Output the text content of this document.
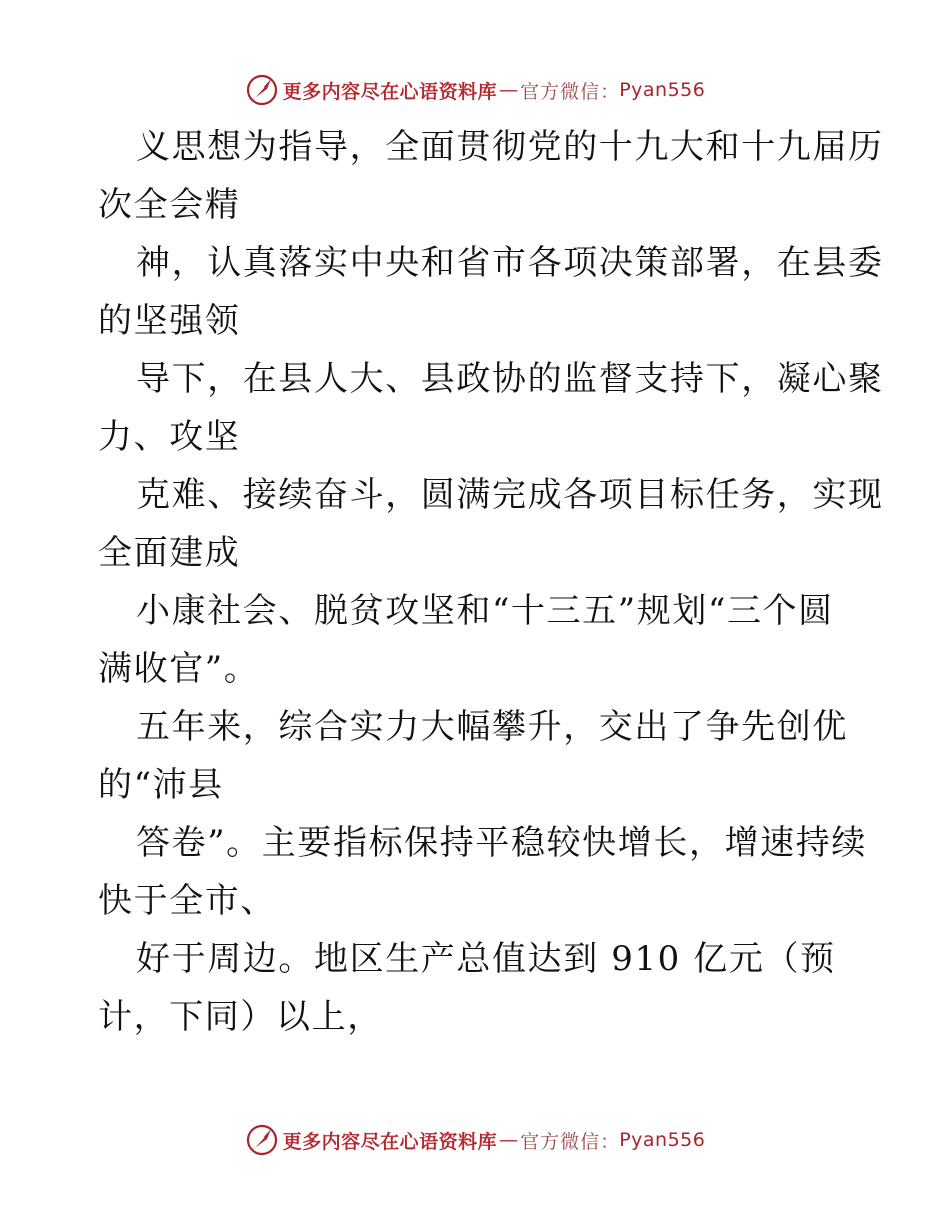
更多内容尽在心语资料库 — 官方微信 ： Pyan556

义思想为指导，全面贯彻党的十九大和十九届历
次全会精

神，认真落实中央和省市各项决策部署，在县委
的坚强领

导下，在县人大、县政协的监督支持下，凝心聚
力、攻坚

克难、接续奋斗，圆满完成各项目标任务，实现
全面建成

小康社会、脱贫攻坚和“十三五”规划“三个圆
满收官”。

五年来，综合实力大幅攀升，交出了争先创优
的“沛县

答卷”。主要指标保持平稳较快增长，增速持续
快于全市、

好于周边。地区生产总值达到 910 亿元（预
计，下同）以上，

更多内容尽在心语资料库 — 官方微信 ： Pyan556
